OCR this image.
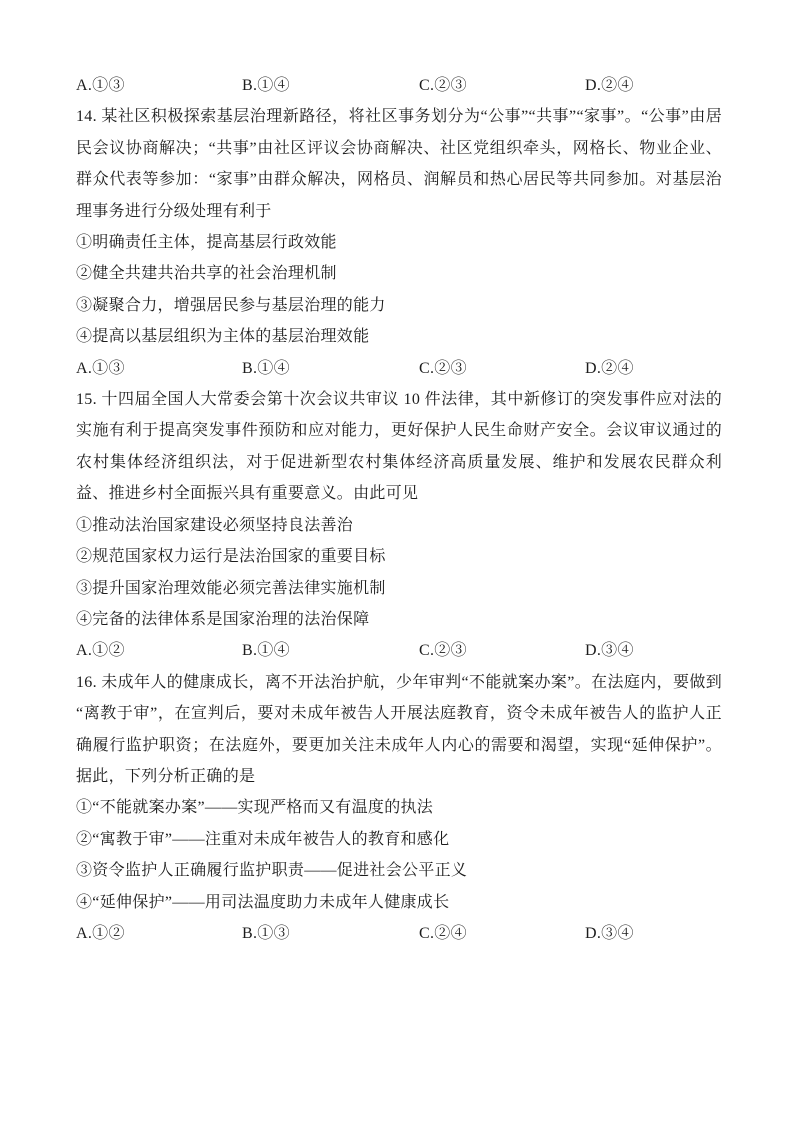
A.①③	B.①④	C.②③	D.②④

14. 某社区积极探索基层治理新路径，将社区事务划分为“公事”“共事”“家事”。“公事”由居民会议协商解决；“共事”由社区评议会协商解决、社区党组织牵头，网格长、物业企业、群众代表等参加：“家事”由群众解决，网格员、润解员和热心居民等共同参加。对基层治理事务进行分级处理有利于

①明确责任主体，提高基层行政效能

②健全共建共治共享的社会治理机制

③凝聚合力，增强居民参与基层治理的能力

④提高以基层组织为主体的基层治理效能

A.①③	B.①④	C.②③	D.②④

15. 十四届全国人大常委会第十次会议共审议 10 件法律，其中新修订的突发事件应对法的实施有利于提高突发事件预防和应对能力，更好保护人民生命财产安全。会议审议通过的农村集体经济组织法，对于促进新型农村集体经济高质量发展、维护和发展农民群众利益、推进乡村全面振兴具有重要意义。由此可见

①推动法治国家建设必须坚持良法善治

②规范国家权力运行是法治国家的重要目标

③提升国家治理效能必须完善法律实施机制

④完备的法律体系是国家治理的法治保障

A.①②	B.①④	C.②③	D.③④

16. 未成年人的健康成长，离不开法治护航，少年审判“不能就案办案”。在法庭内，要做到“离教于审”，在宣判后，要对未成年被告人开展法庭教育，资令未成年被告人的监护人正确履行监护职资；在法庭外，要更加关注未成年人内心的需要和渴望，实现“延伸保护”。据此，下列分析正确的是

①“不能就案办案”——实现严格而又有温度的执法

②“寓教于审”——注重对未成年被告人的教育和感化

③资令监护人正确履行监护职责——促进社会公平正义

④“延伸保护”——用司法温度助力未成年人健康成长

A.①②	B.①③	C.②④	D.③④
